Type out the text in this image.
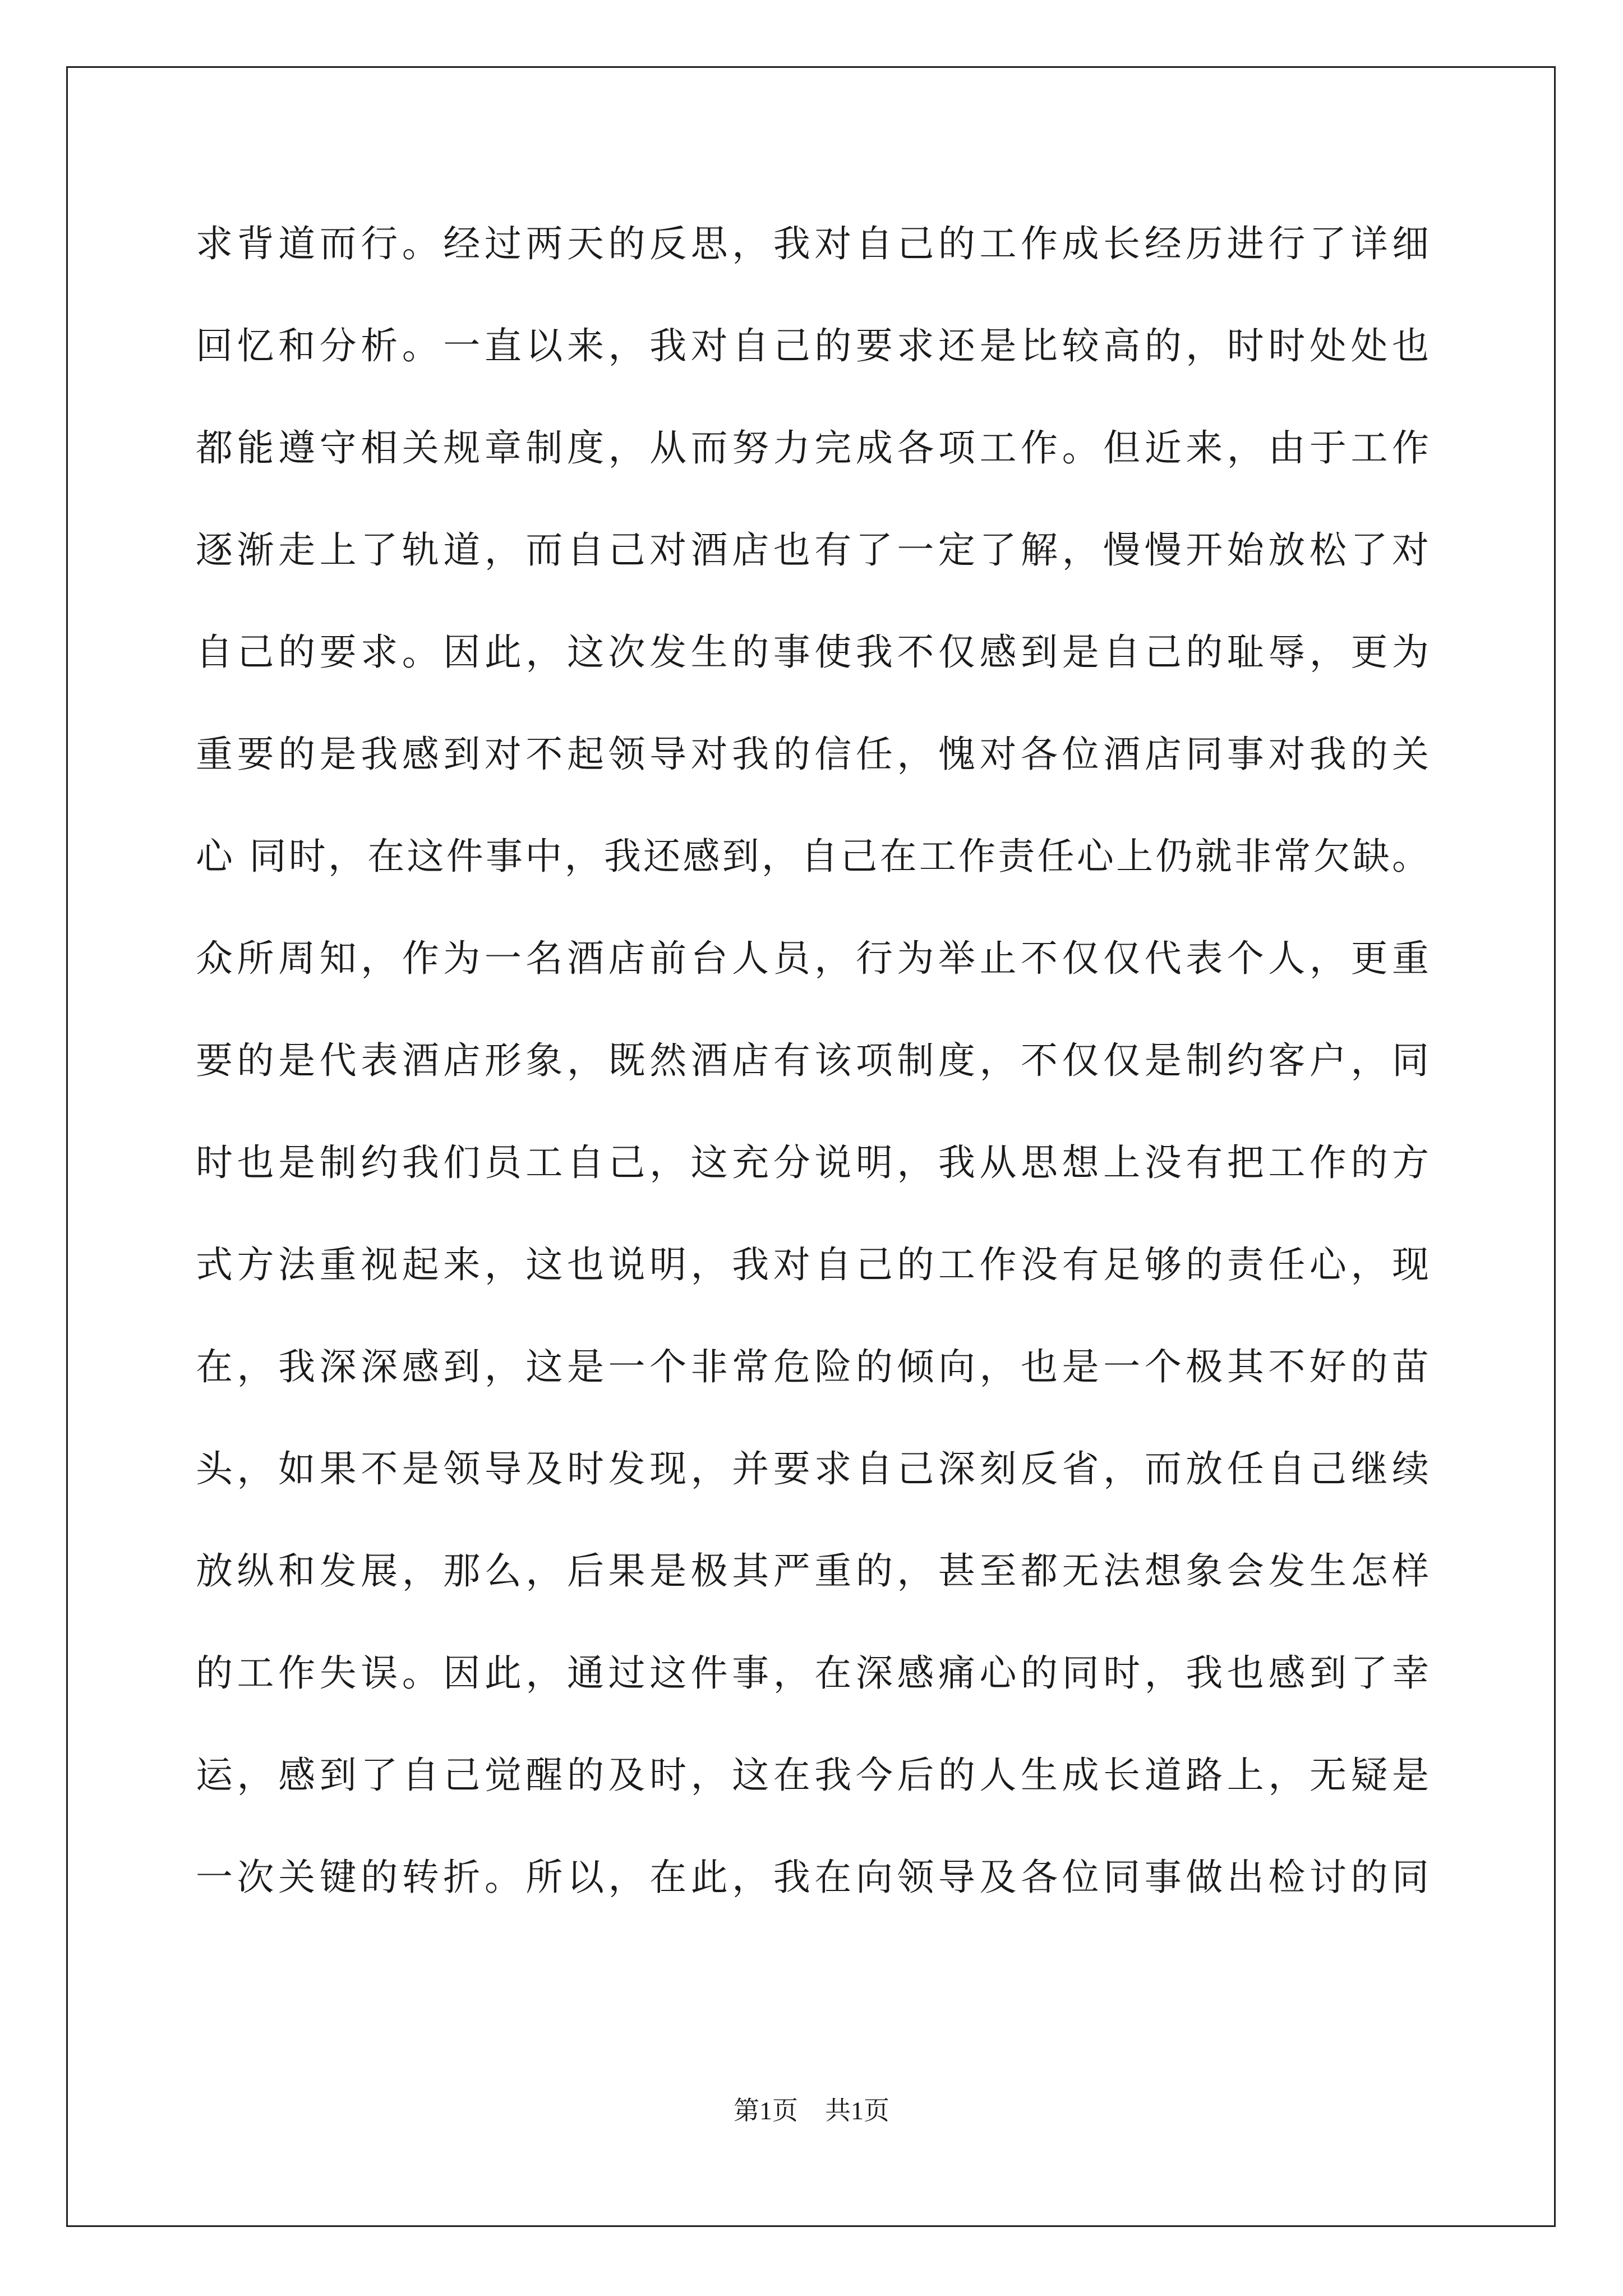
求背道而行。经过两天的反思，我对自己的工作成长经历进行了详细
回忆和分析。一直以来，我对自己的要求还是比较高的，时时处处也
都能遵守相关规章制度，从而努力完成各项工作。但近来，由于工作
逐渐走上了轨道，而自己对酒店也有了一定了解，慢慢开始放松了对
自己的要求。因此，这次发生的事使我不仅感到是自己的耻辱，更为
重要的是我感到对不起领导对我的信任，愧对各位酒店同事对我的关
心 同时，在这件事中，我还感到，自己在工作责任心上仍就非常欠缺。
众所周知，作为一名酒店前台人员，行为举止不仅仅代表个人，更重
要的是代表酒店形象，既然酒店有该项制度，不仅仅是制约客户，同
时也是制约我们员工自己，这充分说明，我从思想上没有把工作的方
式方法重视起来，这也说明，我对自己的工作没有足够的责任心，现
在，我深深感到，这是一个非常危险的倾向，也是一个极其不好的苗
头，如果不是领导及时发现，并要求自己深刻反省，而放任自己继续
放纵和发展，那么，后果是极其严重的，甚至都无法想象会发生怎样
的工作失误。因此，通过这件事，在深感痛心的同时，我也感到了幸
运，感到了自己觉醒的及时，这在我今后的人生成长道路上，无疑是
一次关键的转折。所以，在此，我在向领导及各位同事做出检讨的同
第1页 共1页
